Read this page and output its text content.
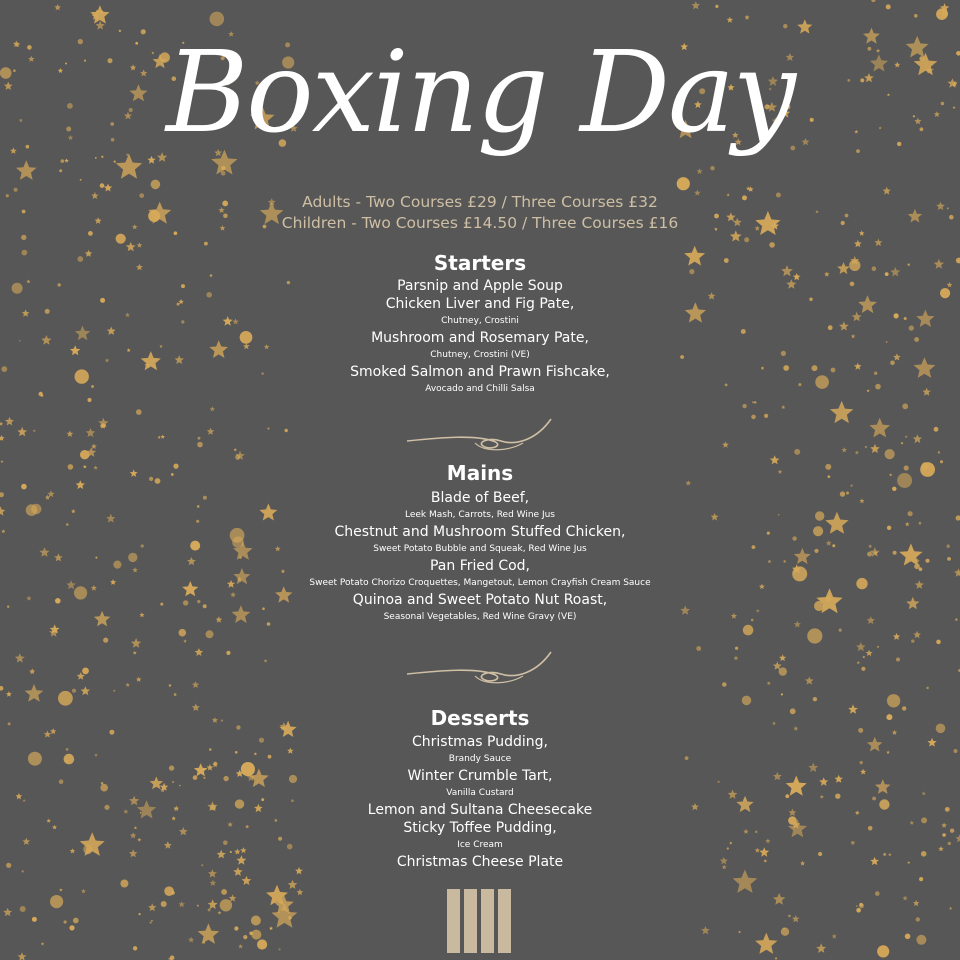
Boxing Day
Adults - Two Courses £29 / Three Courses £32
Children - Two Courses £14.50 / Three Courses £16
Starters
Parsnip and Apple Soup
Chicken Liver and Fig Pate,
Chutney, Crostini
Mushroom and Rosemary Pate,
Chutney, Crostini (VE)
Smoked Salmon and Prawn Fishcake,
Avocado and Chilli Salsa
Mains
Blade of Beef,
Leek Mash, Carrots, Red Wine Jus
Chestnut and Mushroom Stuffed Chicken,
Sweet Potato Bubble and Squeak, Red Wine Jus
Pan Fried Cod,
Sweet Potato Chorizo Croquettes, Mangetout, Lemon Crayfish Cream Sauce
Quinoa and Sweet Potato Nut Roast,
Seasonal Vegetables, Red Wine Gravy (VE)
Desserts
Christmas Pudding,
Brandy Sauce
Winter Crumble Tart,
Vanilla Custard
Lemon and Sultana Cheesecake
Sticky Toffee Pudding,
Ice Cream
Christmas Cheese Plate
